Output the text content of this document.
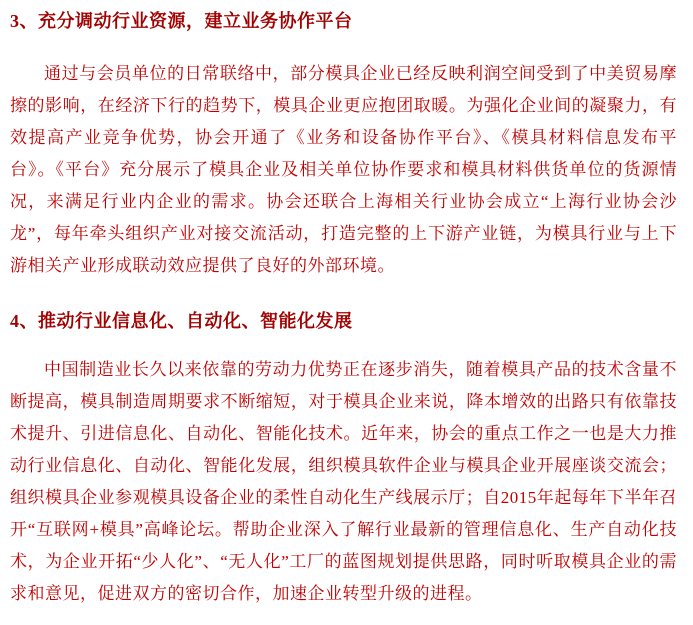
3、充分调动行业资源，建立业务协作平台

通过与会员单位的日常联络中，部分模具企业已经反映利润空间受到了中美贸易摩擦的影响，在经济下行的趋势下，模具企业更应抱团取暖。为强化企业间的凝聚力，有效提高产业竞争优势，协会开通了《业务和设备协作平台》、《模具材料信息发布平台》。《平台》充分展示了模具企业及相关单位协作要求和模具材料供货单位的货源情况，来满足行业内企业的需求。协会还联合上海相关行业协会成立“上海行业协会沙龙”，每年牵头组织产业对接交流活动，打造完整的上下游产业链，为模具行业与上下游相关产业形成联动效应提供了良好的外部环境。

4、推动行业信息化、自动化、智能化发展

中国制造业长久以来依靠的劳动力优势正在逐步消失，随着模具产品的技术含量不断提高，模具制造周期要求不断缩短，对于模具企业来说，降本增效的出路只有依靠技术提升、引进信息化、自动化、智能化技术。近年来，协会的重点工作之一也是大力推动行业信息化、自动化、智能化发展，组织模具软件企业与模具企业开展座谈交流会；组织模具企业参观模具设备企业的柔性自动化生产线展示厅；自2015年起每年下半年召开“互联网+模具”高峰论坛。帮助企业深入了解行业最新的管理信息化、生产自动化技术，为企业开拓“少人化”、“无人化”工厂的蓝图规划提供思路，同时听取模具企业的需求和意见，促进双方的密切合作，加速企业转型升级的进程。
